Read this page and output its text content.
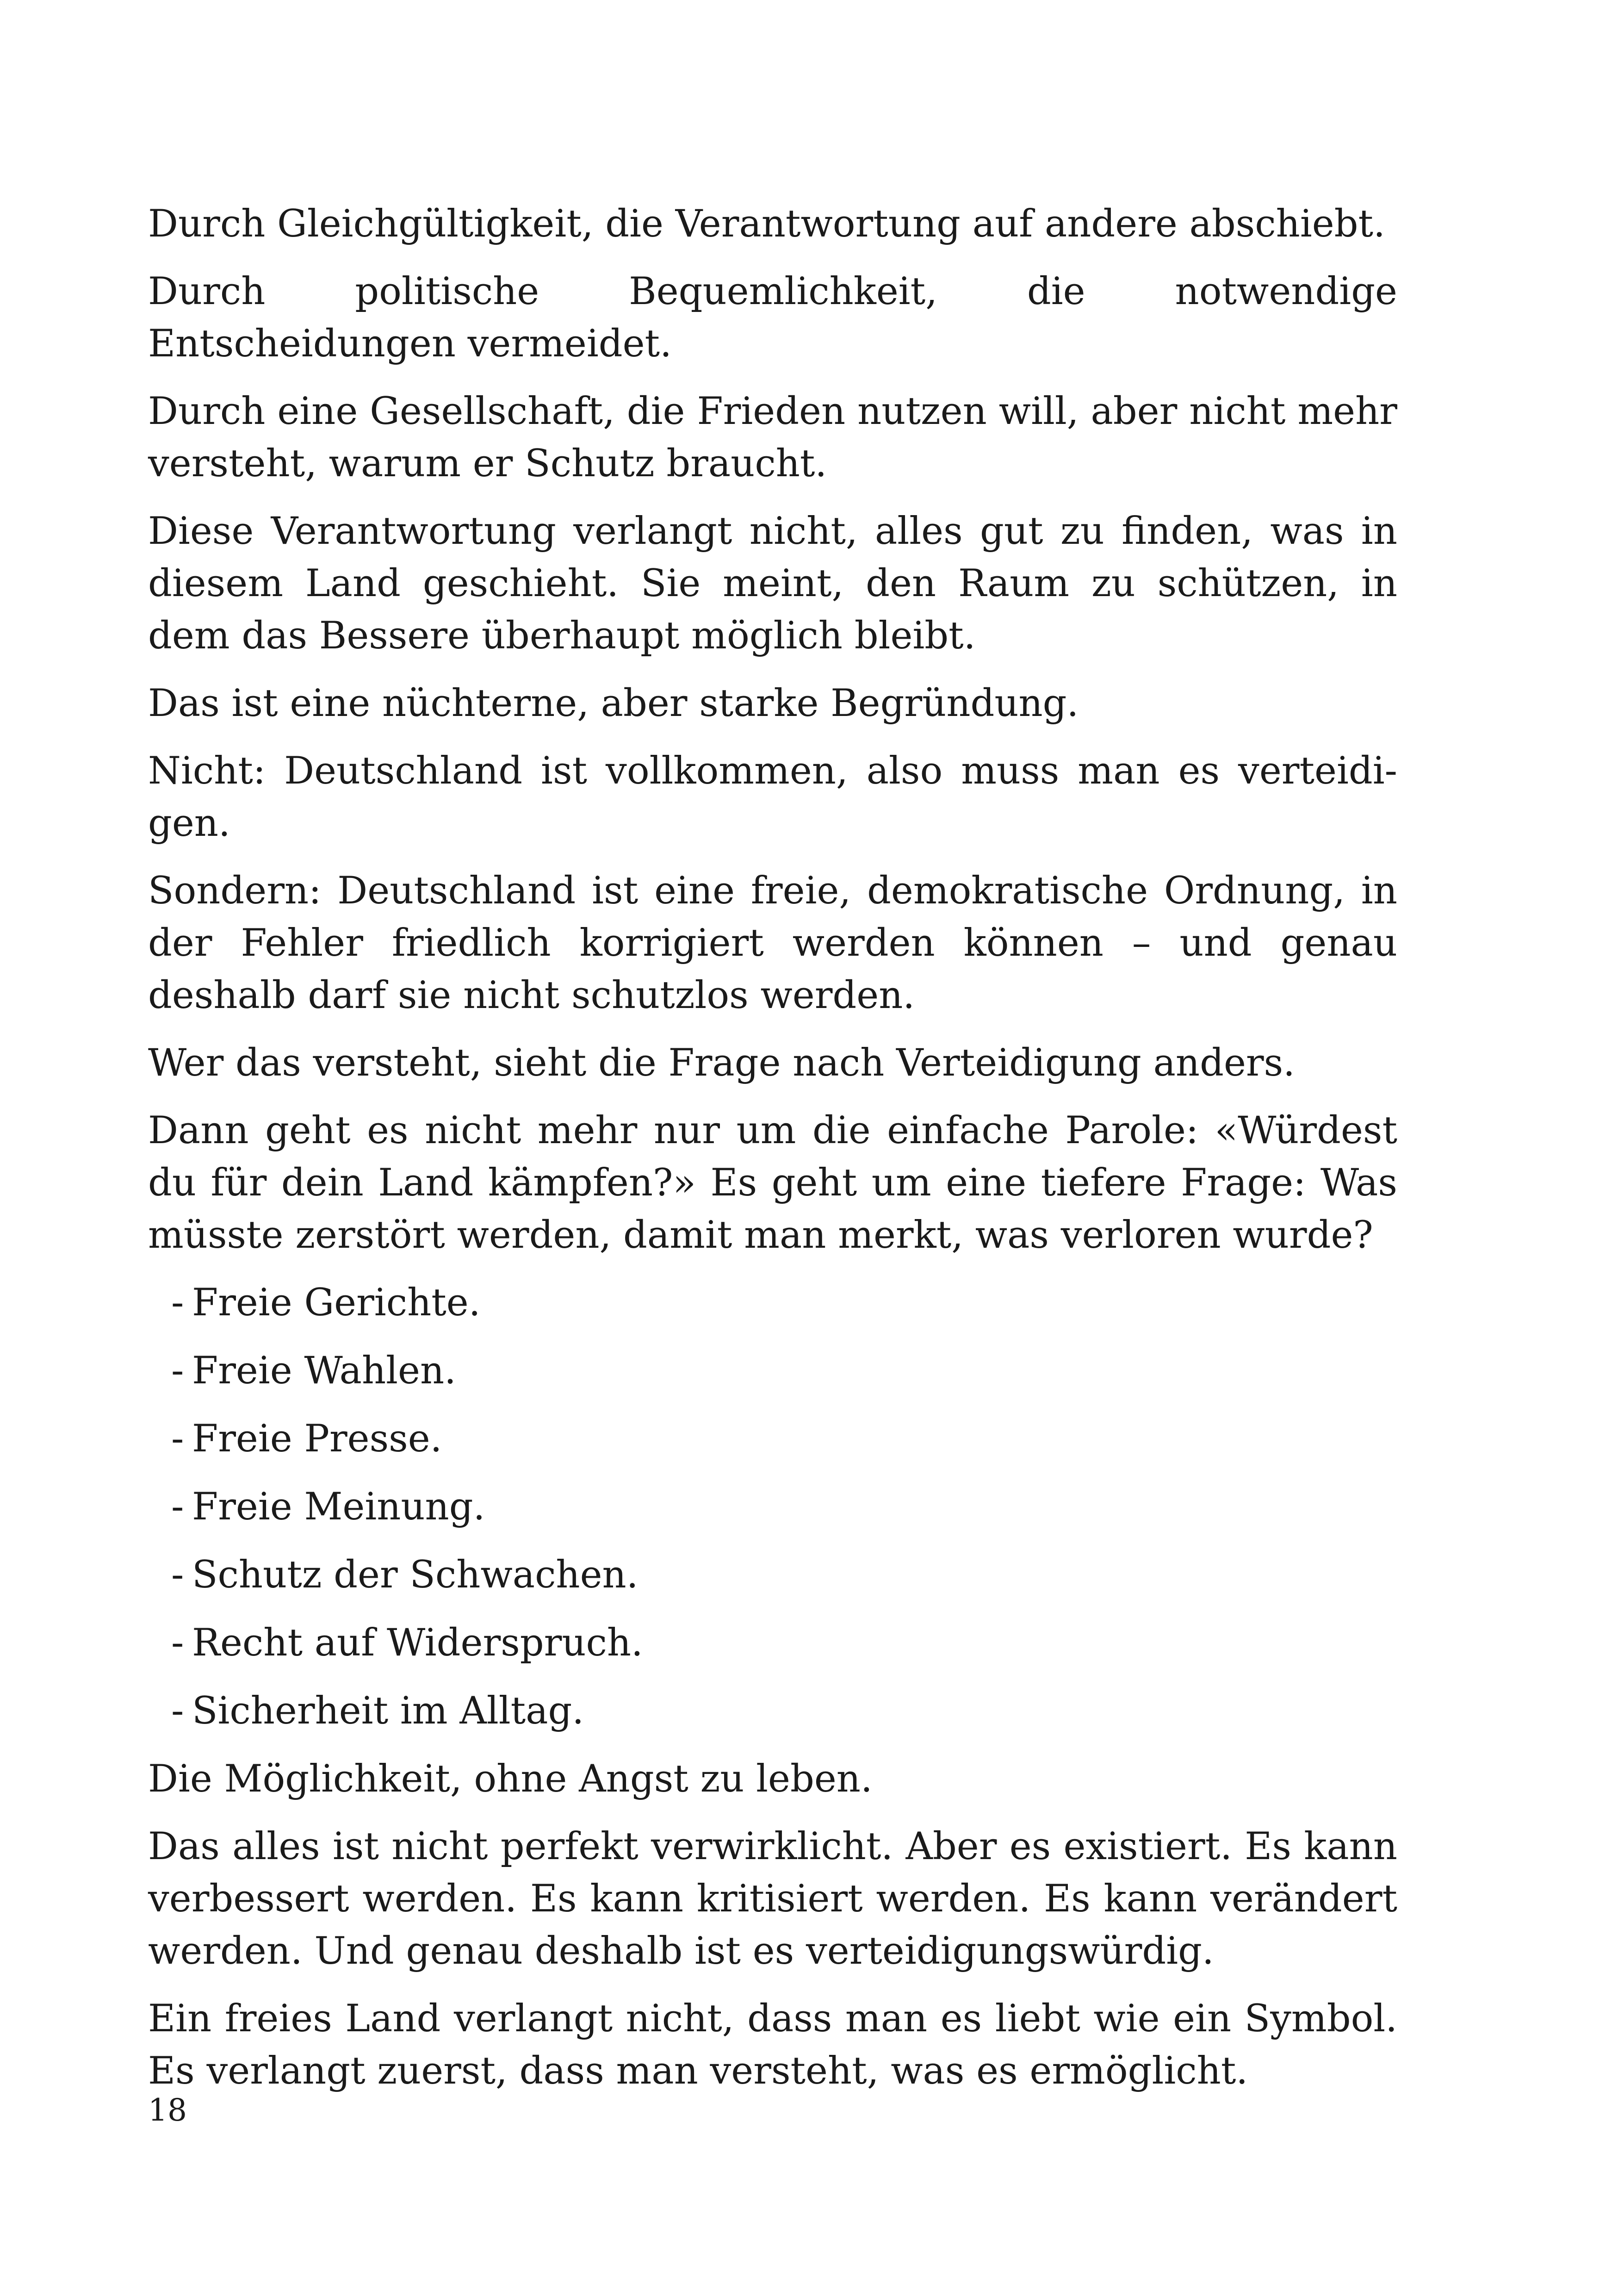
Durch Gleichgültigkeit, die Verantwortung auf andere abschiebt.

Durch politische Bequemlichkeit, die notwendige Entscheidungen vermeidet.

Durch eine Gesellschaft, die Frieden nutzen will, aber nicht mehr versteht, warum er Schutz braucht.

Diese Verantwortung verlangt nicht, alles gut zu finden, was in diesem Land geschieht. Sie meint, den Raum zu schützen, in dem das Bessere überhaupt möglich bleibt.

Das ist eine nüchterne, aber starke Begründung.

Nicht: Deutschland ist vollkommen, also muss man es verteidigen.

Sondern: Deutschland ist eine freie, demokratische Ordnung, in der Fehler friedlich korrigiert werden können – und genau deshalb darf sie nicht schutzlos werden.

Wer das versteht, sieht die Frage nach Verteidigung anders.

Dann geht es nicht mehr nur um die einfache Parole: «Würdest du für dein Land kämpfen?» Es geht um eine tiefere Frage: Was müsste zerstört werden, damit man merkt, was verloren wurde?

- Freie Gerichte.
- Freie Wahlen.
- Freie Presse.
- Freie Meinung.
- Schutz der Schwachen.
- Recht auf Widerspruch.
- Sicherheit im Alltag.

Die Möglichkeit, ohne Angst zu leben.

Das alles ist nicht perfekt verwirklicht. Aber es existiert. Es kann verbessert werden. Es kann kritisiert werden. Es kann verändert werden. Und genau deshalb ist es verteidigungswürdig.

Ein freies Land verlangt nicht, dass man es liebt wie ein Symbol. Es verlangt zuerst, dass man versteht, was es ermöglicht.

18
